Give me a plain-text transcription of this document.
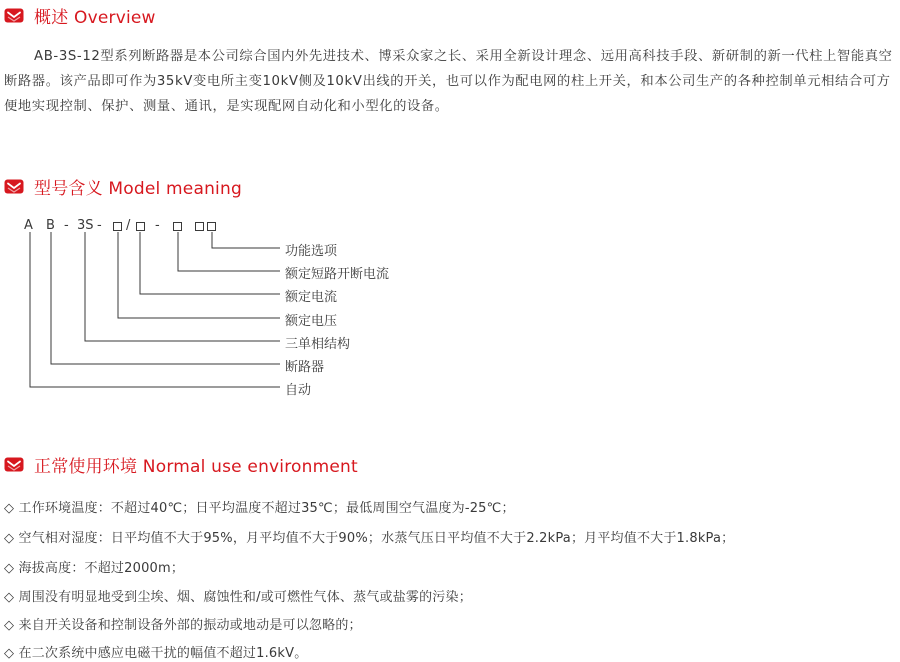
概述 Overview
AB-3S-12型系列断路器是本公司综合国内外先进技术、博采众家之长、采用全新设计理念、远用高科技手段、新研制的新一代柱上智能真空断路器。该产品即可作为35kV变电所主变10kV侧及10kV出线的开关，也可以作为配电网的柱上开关，和本公司生产的各种控制单元相结合可方便地实现控制、保护、测量、通讯，是实现配网自动化和小型化的设备。
型号含义 Model meaning
A B - 3S - / -
功能选项
额定短路开断电流
额定电流
额定电压
三单相结构
断路器
自动
正常使用环境 Normal use environment
◇ 工作环境温度：不超过40℃；日平均温度不超过35℃；最低周围空气温度为-25℃；
◇ 空气相对湿度：日平均值不大于95%，月平均值不大于90%；水蒸气压日平均值不大于2.2kPa；月平均值不大于1.8kPa；
◇ 海拔高度：不超过2000m；
◇ 周围没有明显地受到尘埃、烟、腐蚀性和/或可燃性气体、蒸气或盐雾的污染；
◇ 来自开关设备和控制设备外部的振动或地动是可以忽略的；
◇ 在二次系统中感应电磁干扰的幅值不超过1.6kV。
